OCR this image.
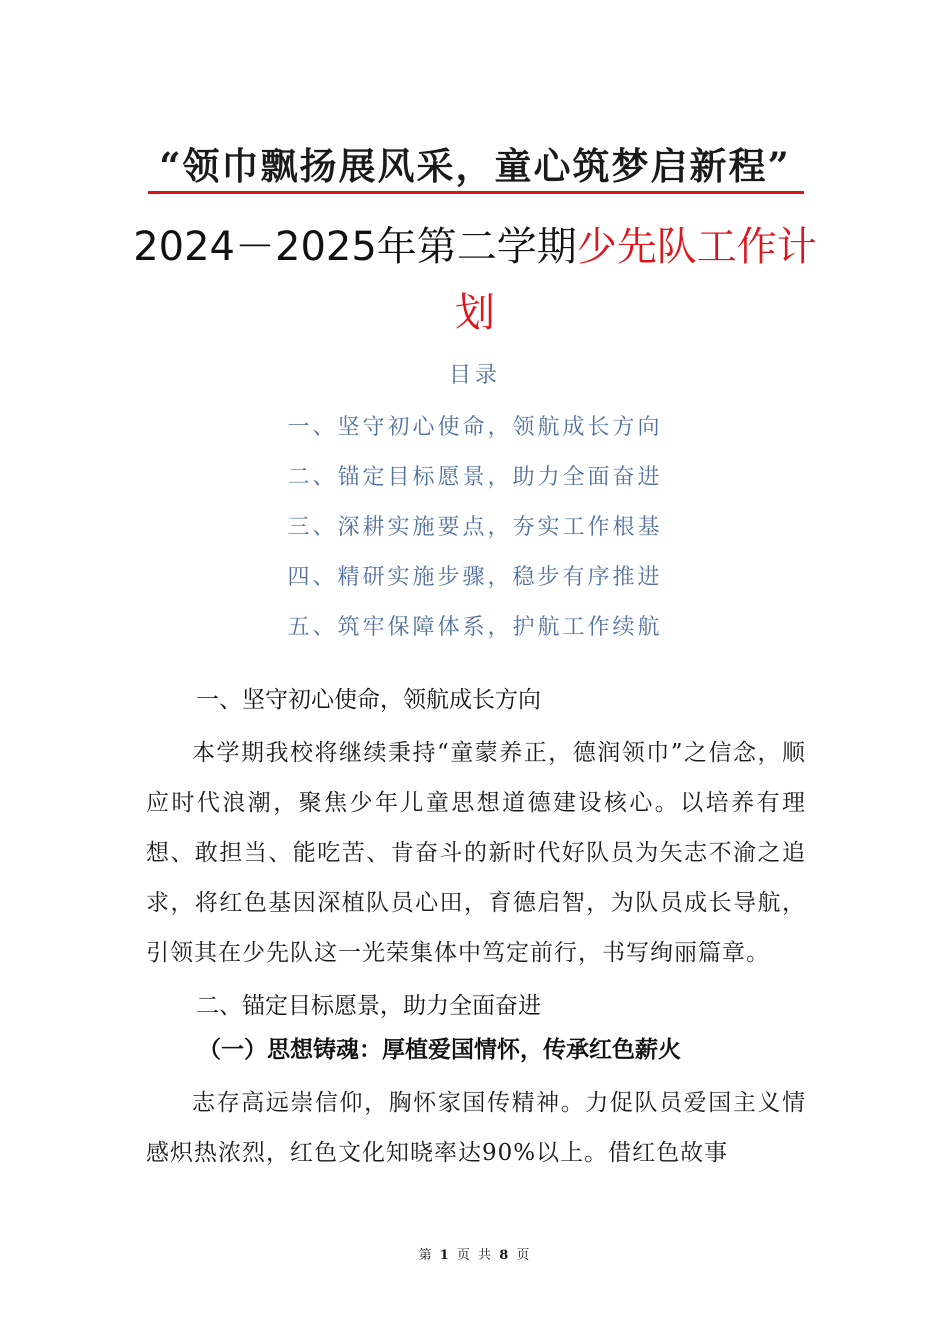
“领巾飘扬展风采，童心筑梦启新程”
2024－2025年第二学期少先队工作计
划
目录
一、坚守初心使命，领航成长方向
二、锚定目标愿景，助力全面奋进
三、深耕实施要点，夯实工作根基
四、精研实施步骤，稳步有序推进
五、筑牢保障体系，护航工作续航
一、坚守初心使命，领航成长方向

本学期我校将继续秉持“童蒙养正，德润领巾”之信念，顺应时代浪潮，聚焦少年儿童思想道德建设核心。以培养有理想、敢担当、能吃苦、肯奋斗的新时代好队员为矢志不渝之追求，将红色基因深植队员心田，育德启智，为队员成长导航，引领其在少先队这一光荣集体中笃定前行，书写绚丽篇章。

二、锚定目标愿景，助力全面奋进
（一）思想铸魂：厚植爱国情怀，传承红色薪火

志存高远崇信仰，胸怀家国传精神。力促队员爱国主义情感炽热浓烈，红色文化知晓率达90%以上。借红色故事

第 1 页 共 8 页
